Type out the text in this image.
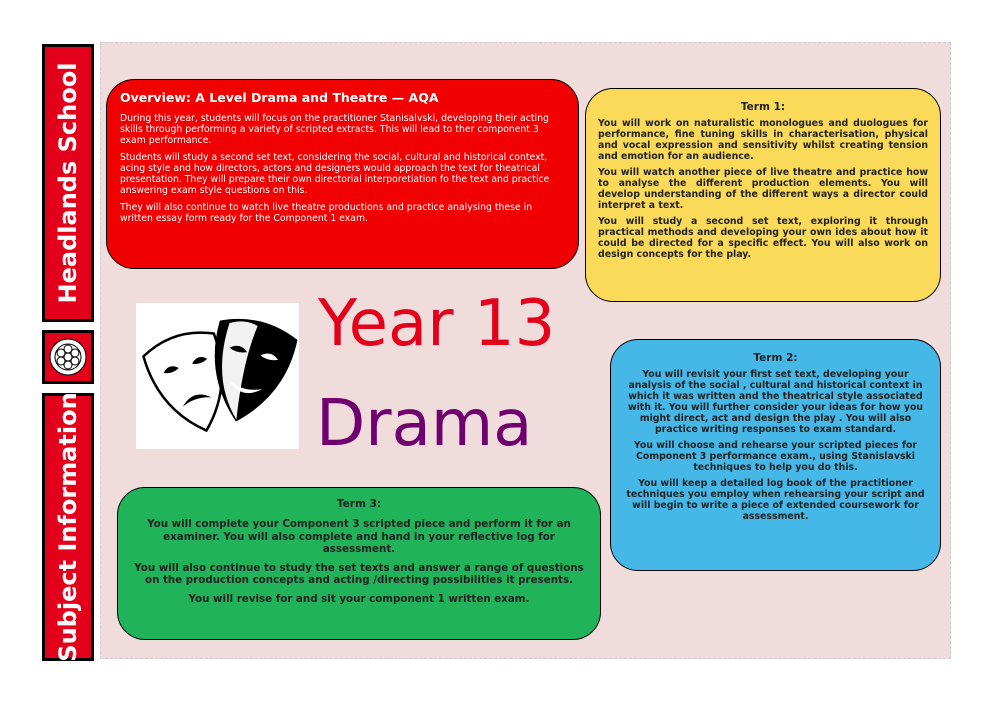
Headlands School
Subject Information
Overview: A Level Drama and Theatre — AQA

During this year, students will focus on the practitioner Stanisalvski, developing their acting skills through performing a variety of scripted extracts. This will lead to ther component 3 exam performance.

Students will study a second set text, considering the social, cultural and historical context, acing style and how directors, actors and designers would approach the text for theatrical presentation. They will prepare their own directorial interporetiation fo the text and practice answering exam style questions on this.

They will also continue to watch live theatre productions and practice analysing these in written essay form ready for the Component 1 exam.

Term 1:

You will work on naturalistic monologues and duologues for performance, fine tuning skills in characterisation, physical and vocal expression and sensitivity whilst creating tension and emotion for an audience.

You will watch another piece of live theatre and practice how to analyse the different production elements. You will develop understanding of the different ways a director could interpret a text.

You will study a second set text, exploring it through practical methods and developing your own ides about how it could be directed for a specific effect. You will also work on design concepts for the play.

Year 13
Drama
Term 2:

You will revisit your first set text, developing your analysis of the social , cultural and historical context in which it was written and the theatrical style associated with it. You will further consider your ideas for how you might direct, act and design the play . You will also practice writing responses to exam standard.

You will choose and rehearse your scripted pieces for Component 3 performance exam., using Stanislavski techniques to help you do this.

You will keep a detailed log book of the practitioner techniques you employ when rehearsing your script and will begin to write a piece of extended coursework for assessment.

Term 3:

You will complete your Component 3 scripted piece and perform it for an examiner. You will also complete and hand in your reflective log for assessment.

You will also continue to study the set texts and answer a range of questions on the production concepts and acting /directing possibilities it presents.

You will revise for and sit your component 1 written exam.
